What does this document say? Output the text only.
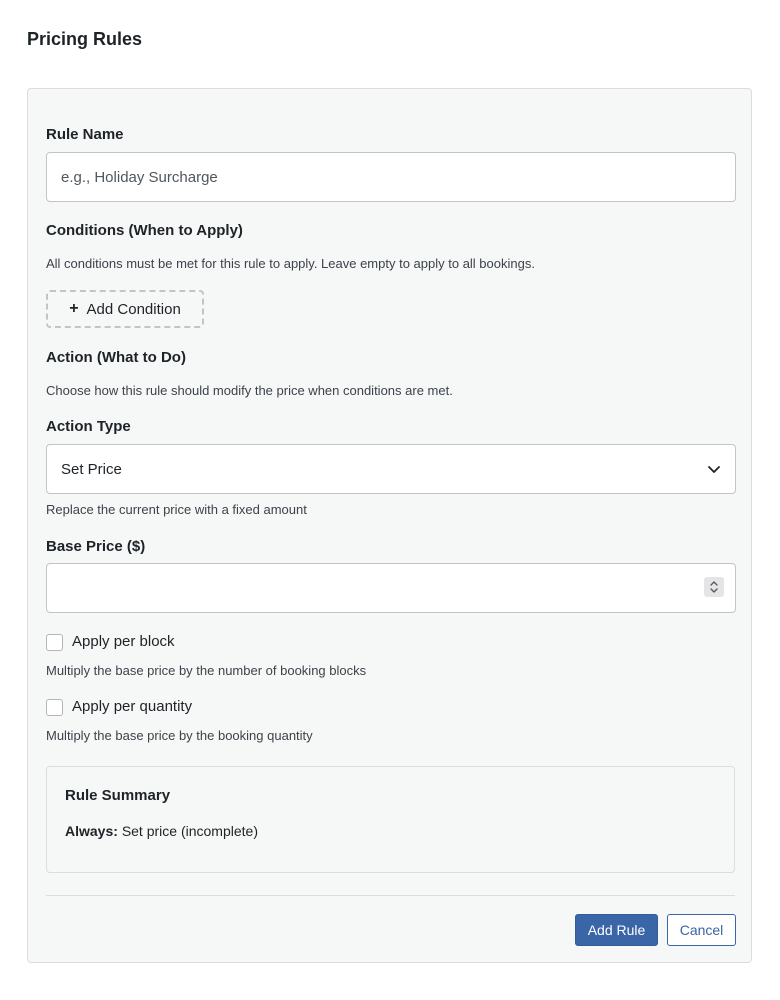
Pricing Rules

Rule Name

e.g., Holiday Surcharge

Conditions (When to Apply)

All conditions must be met for this rule to apply. Leave empty to apply to all bookings.

+ Add Condition

Action (What to Do)

Choose how this rule should modify the price when conditions are met.

Action Type

Set Price

Replace the current price with a fixed amount

Base Price ($)

Apply per block

Multiply the base price by the number of booking blocks

Apply per quantity

Multiply the base price by the booking quantity

Rule Summary

Always: Set price (incomplete)

Add Rule	Cancel
